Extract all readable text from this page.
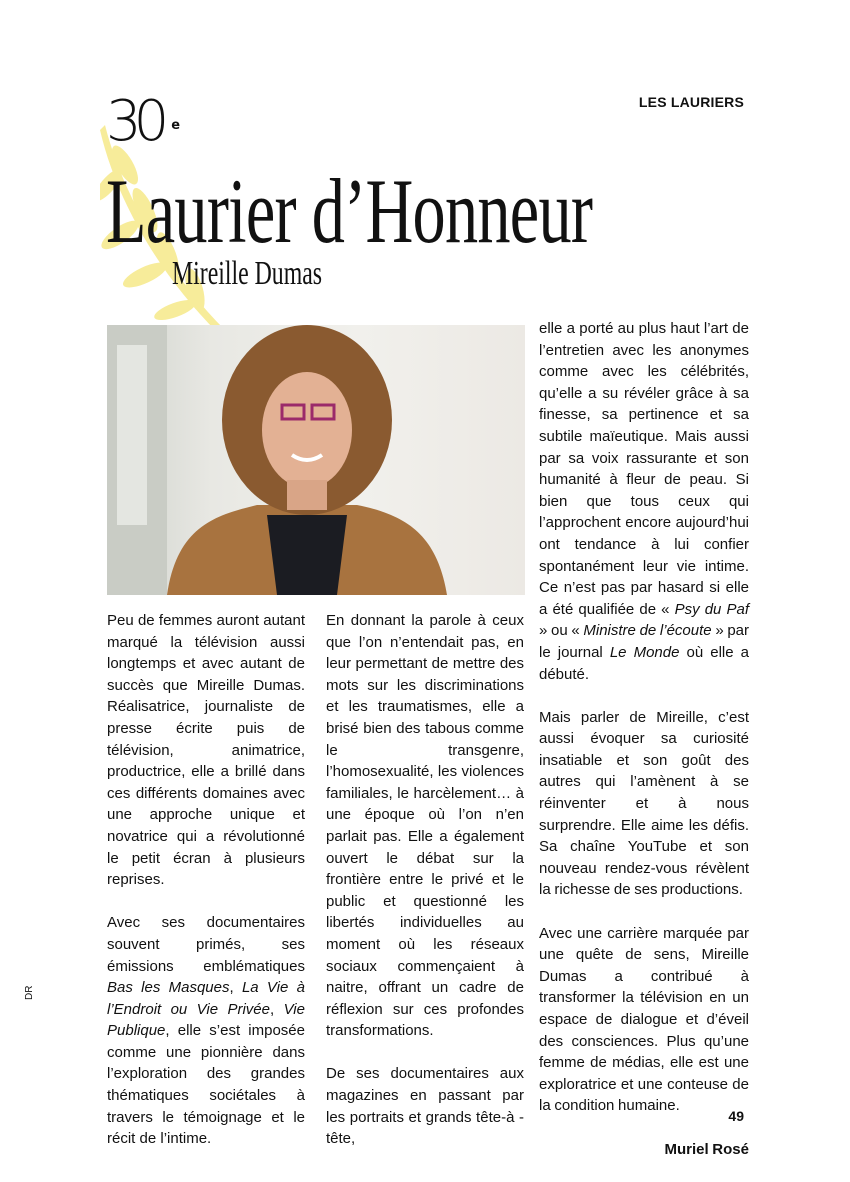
LES LAURIERS
30 $^e$
Laurier d’Honneur
Mireille Dumas

Peu de femmes auront autant marqué la télévision aussi longtemps et avec autant de succès que Mireille Dumas. Réalisatrice, journaliste de presse écrite puis de télévision, animatrice, productrice, elle a brillé dans ces différents domaines avec une approche unique et novatrice qui a révolutionné le petit écran à plusieurs reprises.

Avec ses documentaires souvent primés, ses émissions emblématiques Bas les Masques, La Vie à l’Endroit ou Vie Privée, Vie Publique, elle s’est imposée comme une pionnière dans l’exploration des grandes thématiques sociétales à travers le témoignage et le récit de l’intime.

En donnant la parole à ceux que l’on n’entendait pas, en leur permettant de mettre des mots sur les discriminations et les traumatismes, elle a brisé bien des tabous comme le transgenre, l’homosexualité, les violences familiales, le harcèlement… à une époque où l’on n’en parlait pas. Elle a également ouvert le débat sur la frontière entre le privé et le public et questionné les libertés individuelles au moment où les réseaux sociaux commençaient à naitre, offrant un cadre de réflexion sur ces profondes transformations.

De ses documentaires aux magazines en passant par les portraits et grands tête-à -tête,

elle a porté au plus haut l’art de l’entretien avec les anonymes comme avec les célébrités, qu’elle a su révéler grâce à sa finesse, sa pertinence et sa subtile maïeutique. Mais aussi par sa voix rassurante et son humanité à fleur de peau. Si bien que tous ceux qui l’approchent encore aujourd’hui ont tendance à lui confier spontanément leur vie intime. Ce n’est pas par hasard si elle a été qualifiée de « Psy du Paf » ou « Ministre de l’écoute » par le journal Le Monde où elle a débuté.

Mais parler de Mireille, c’est aussi évoquer sa curiosité insatiable et son goût des autres qui l’amènent à se réinventer et à nous surprendre. Elle aime les défis. Sa chaîne YouTube et son nouveau rendez-vous révèlent la richesse de ses productions.

Avec une carrière marquée par une quête de sens, Mireille Dumas a contribué à transformer la télévision en un espace de dialogue et d’éveil des consciences. Plus qu’une femme de médias, elle est une exploratrice et une conteuse de la condition humaine.

Muriel Rosé

DR
49
